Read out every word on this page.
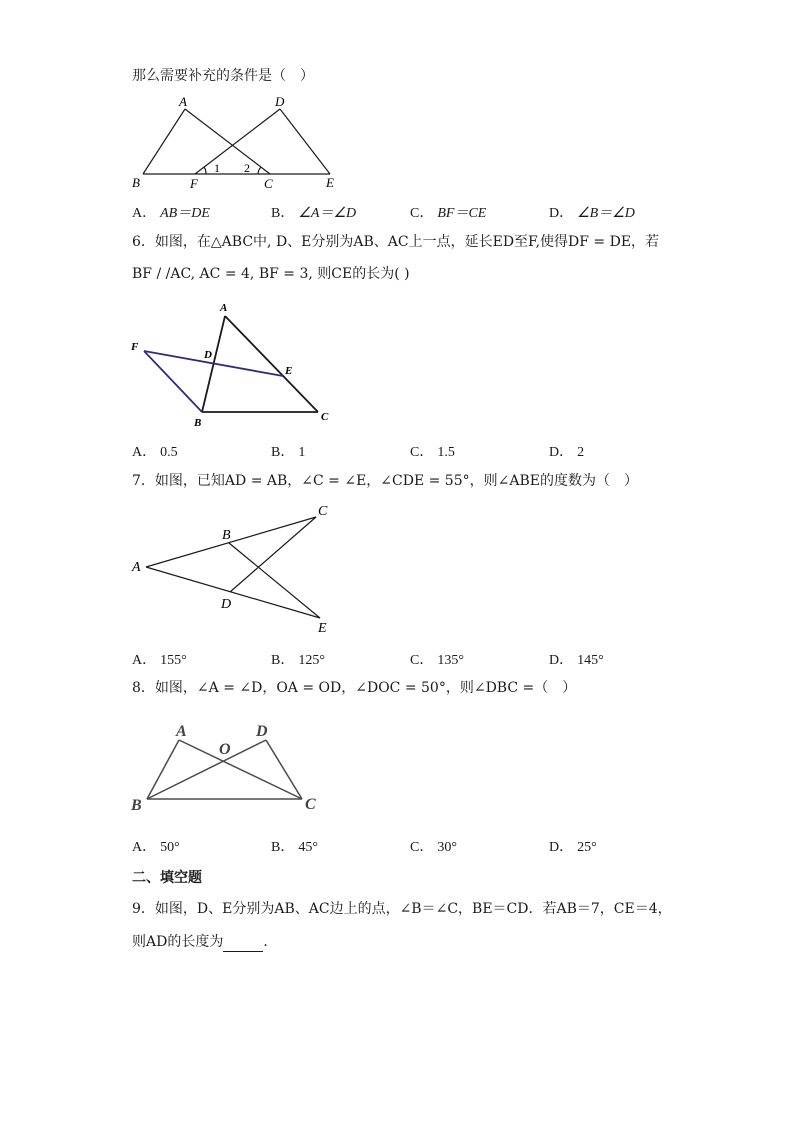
那么需要补充的条件是（　）
A	D
B	F	C	E
1 2
A． AB＝DE	B． ∠A＝∠D	C． BF＝CE	D． ∠B＝∠D
6．如图，在△ABC中, D、E分别为AB、AC上一点，延长ED至F,使得DF = DE，若
BF / /AC, AC = 4, BF = 3, 则CE的长为( )
A
F
D
E
B	C
A． 0.5	B． 1	C． 1.5	D． 2
7．如图，已知AD = AB，∠C = ∠E，∠CDE = 55°，则∠ABE的度数为（　）
A
B
C
D
E
A． 155°	B． 125°	C． 135°	D． 145°
8．如图，∠A = ∠D，OA = OD，∠DOC = 50°，则∠DBC =（　）
A
O
D
B	C
A． 50°	B． 45°	C． 30°	D． 25°
二、填空题
9．如图，D、E分别为AB、AC边上的点，∠B＝∠C，BE＝CD．若AB＝7，CE＝4，
则AD的长度为	．
